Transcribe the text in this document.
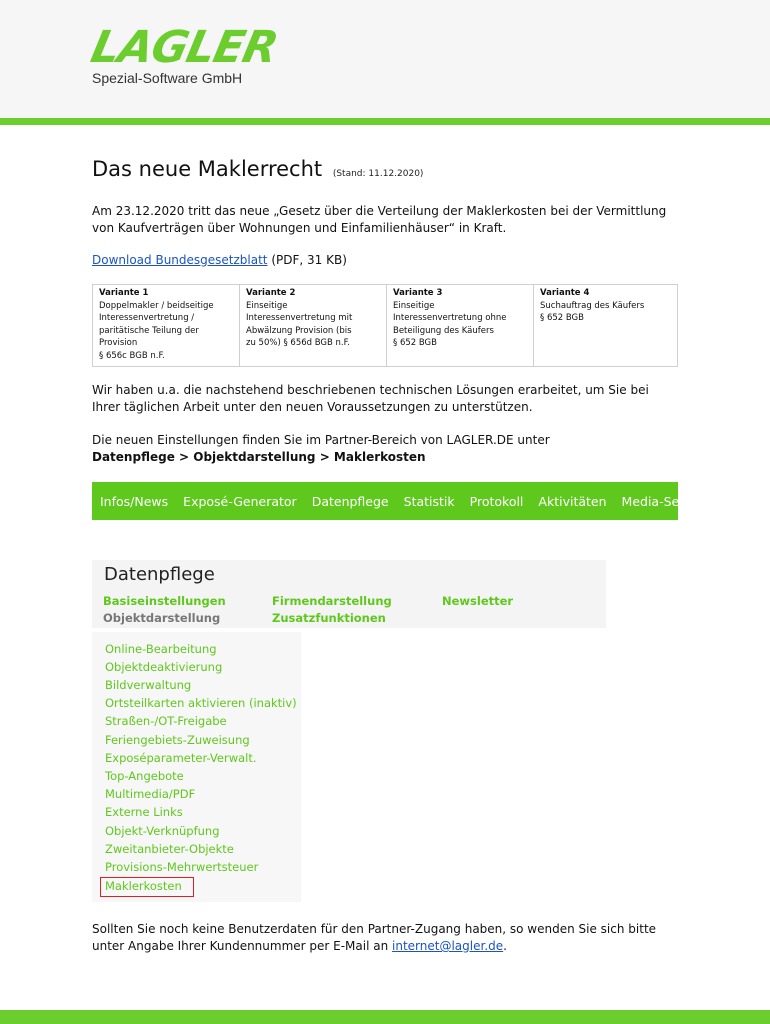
LAGLER
Spezial-Software GmbH
Das neue Maklerrecht (Stand: 11.12.2020)
Am 23.12.2020 tritt das neue „Gesetz über die Verteilung der Maklerkosten bei der Vermittlung
von Kaufverträgen über Wohnungen und Einfamilienhäuser“ in Kraft.
Download Bundesgesetzblatt (PDF, 31 KB)
Variante 1
Doppelmakler / beidseitige
Interessenvertretung /
paritätische Teilung der
Provision
§ 656c BGB n.F.

Variante 2
Einseitige
Interessenvertretung mit
Abwälzung Provision (bis
zu 50%) § 656d BGB n.F.

Variante 3
Einseitige
Interessenvertretung ohne
Beteiligung des Käufers
§ 652 BGB

Variante 4
Suchauftrag des Käufers
§ 652 BGB
Wir haben u.a. die nachstehend beschriebenen technischen Lösungen erarbeitet, um Sie bei
Ihrer täglichen Arbeit unter den neuen Voraussetzungen zu unterstützen.
Die neuen Einstellungen finden Sie im Partner-Bereich von LAGLER.DE unter
Datenpflege > Objektdarstellung > Maklerkosten
Infos/News Exposé-Generator Datenpflege Statistik Protokoll Aktivitäten Media-Service
Datenpflege
Basiseinstellungen	Firmendarstellung	Newsletter
Objektdarstellung	Zusatzfunktionen
Online-Bearbeitung
Objektdeaktivierung
Bildverwaltung
Ortsteilkarten aktivieren (inaktiv)
Straßen-/OT-Freigabe
Feriengebiets-Zuweisung
Exposéparameter-Verwalt.
Top-Angebote
Multimedia/PDF
Externe Links
Objekt-Verknüpfung
Zweitanbieter-Objekte
Provisions-Mehrwertsteuer
Maklerkosten
Sollten Sie noch keine Benutzerdaten für den Partner-Zugang haben, so wenden Sie sich bitte
unter Angabe Ihrer Kundennummer per E-Mail an internet@lagler.de.
